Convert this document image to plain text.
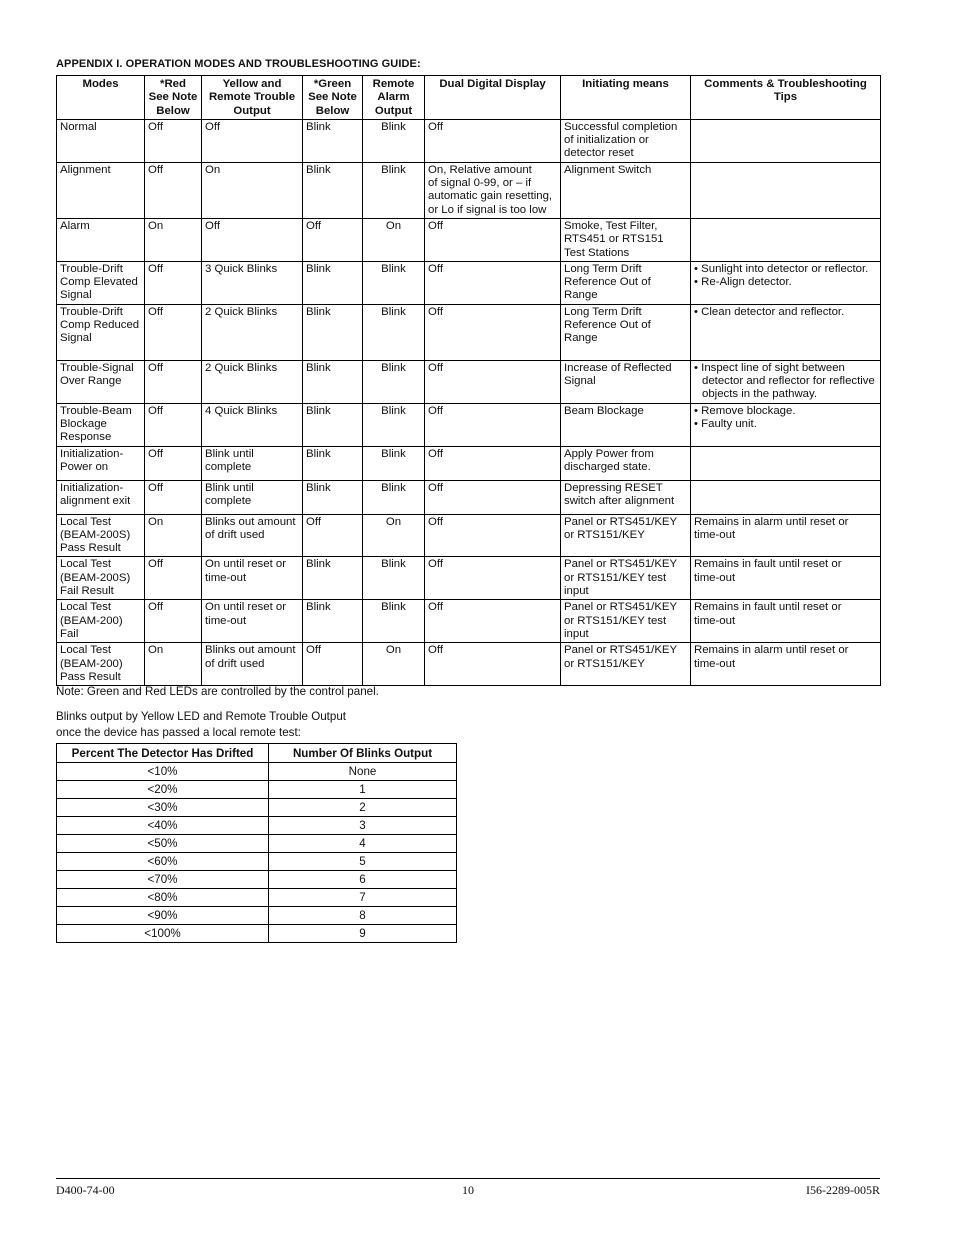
APPENDIX I. OPERATION MODES AND TROUBLESHOOTING GUIDE:
Modes	*Red
See Note
Below	Yellow and
Remote Trouble
Output	*Green
See Note
Below	Remote
Alarm
Output	Dual Digital Display	Initiating means	Comments & Troubleshooting
Tips

Normal	Off	Off	Blink	Blink	Off	Successful completion
of initialization or
detector reset	

Alignment	Off	On	Blink	Blink	On, Relative amount
of signal 0-99, or – if
automatic gain resetting,
or Lo if signal is too low	Alignment Switch	

Alarm	On	Off	Off	On	Off	Smoke, Test Filter,
RTS451 or RTS151
Test Stations	

Trouble-Drift
Comp Elevated
Signal	Off	3 Quick Blinks	Blink	Blink	Off	Long Term Drift
Reference Out of
Range	• Sunlight into detector or reflector.
• Re-Align detector.

Trouble-Drift
Comp Reduced
Signal	Off	2 Quick Blinks	Blink	Blink	Off	Long Term Drift
Reference Out of
Range	• Clean detector and reflector.

Trouble-Signal
Over Range	Off	2 Quick Blinks	Blink	Blink	Off	Increase of Reflected
Signal	• Inspect line of sight between detector and reflector for reflective objects in the pathway.

Trouble-Beam
Blockage
Response	Off	4 Quick Blinks	Blink	Blink	Off	Beam Blockage	• Remove blockage.
• Faulty unit.

Initialization-
Power on	Off	Blink until
complete	Blink	Blink	Off	Apply Power from
discharged state.	

Initialization-
alignment exit	Off	Blink until
complete	Blink	Blink	Off	Depressing RESET
switch after alignment	

Local Test
(BEAM-200S)
Pass Result	On	Blinks out amount
of drift used	Off	On	Off	Panel or RTS451/KEY
or RTS151/KEY	Remains in alarm until reset or
time-out

Local Test
(BEAM-200S)
Fail Result	Off	On until reset or
time-out	Blink	Blink	Off	Panel or RTS451/KEY
or RTS151/KEY test
input	Remains in fault until reset or
time-out

Local Test
(BEAM-200)
Fail	Off	On until reset or
time-out	Blink	Blink	Off	Panel or RTS451/KEY
or RTS151/KEY test
input	Remains in fault until reset or
time-out

Local Test
(BEAM-200)
Pass Result	On	Blinks out amount
of drift used	Off	On	Off	Panel or RTS451/KEY
or RTS151/KEY	Remains in alarm until reset or
time-out
Note: Green and Red LEDs are controlled by the control panel.
Blinks output by Yellow LED and Remote Trouble Output
once the device has passed a local remote test:
Percent The Detector Has Drifted	Number Of Blinks Output
<10%	None
<20%	1
<30%	2
<40%	3
<50%	4
<60%	5
<70%	6
<80%	7
<90%	8
<100%	9
D400-74-00	10	I56-2289-005R
